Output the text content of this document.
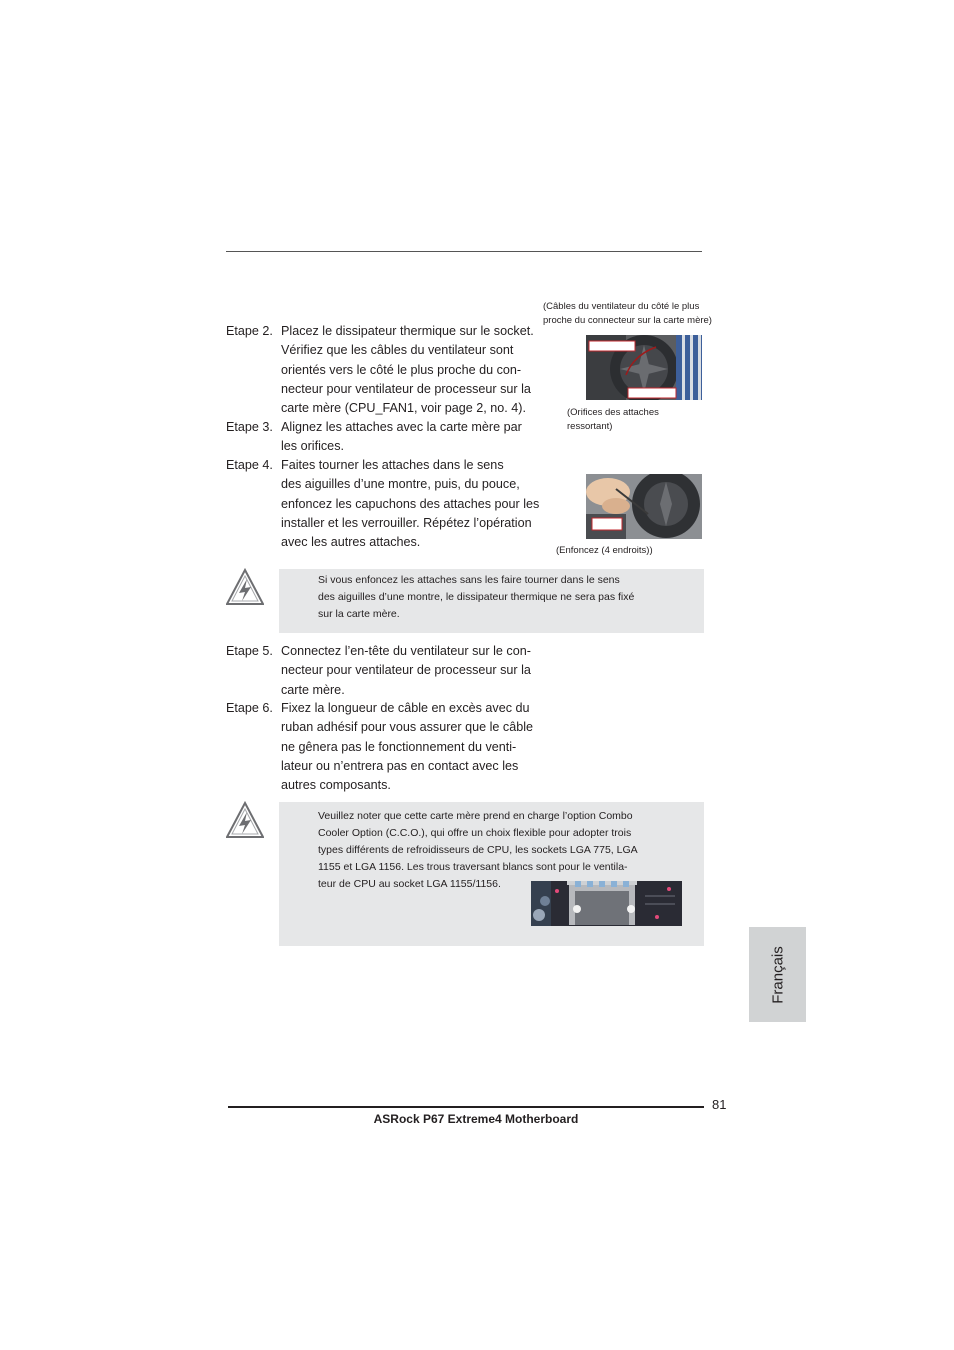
(Câbles du ventilateur du côté le plus
proche du connecteur sur la carte mère)
(Orifices des attaches
ressortant)
(Enfoncez (4 endroits))
Etape 2. Placez le dissipateur thermique sur le socket.
Vérifiez que les câbles du ventilateur sont
orientés vers le côté le plus proche du con-
necteur pour ventilateur de processeur sur la
carte mère (CPU_FAN1, voir page 2, no. 4).
Etape 3. Alignez les attaches avec la carte mère par
les orifices.
Etape 4. Faites tourner les attaches dans le sens
des aiguilles d’une montre, puis, du pouce,
enfoncez les capuchons des attaches pour les
installer et les verrouiller. Répétez l’opération
avec les autres attaches.
Si vous enfoncez les attaches sans les faire tourner dans le sens
des aiguilles d’une montre, le dissipateur thermique ne sera pas fixé
sur la carte mère.
Etape 5. Connectez l’en-tête du ventilateur sur le con-
necteur pour ventilateur de processeur sur la
carte mère.
Etape 6. Fixez la longueur de câble en excès avec du
ruban adhésif pour vous assurer que le câble
ne gênera pas le fonctionnement du venti-
lateur ou n’entrera pas en contact avec les
autres composants.
Veuillez noter que cette carte mère prend en charge l’option Combo
Cooler Option (C.C.O.), qui offre un choix flexible pour adopter trois
types différents de refroidisseurs de CPU, les sockets LGA 775, LGA
1155 et LGA 1156. Les trous traversant blancs sont pour le ventila-
teur de CPU au socket LGA 1155/1156.
Français
81
ASRock P67 Extreme4 Motherboard
